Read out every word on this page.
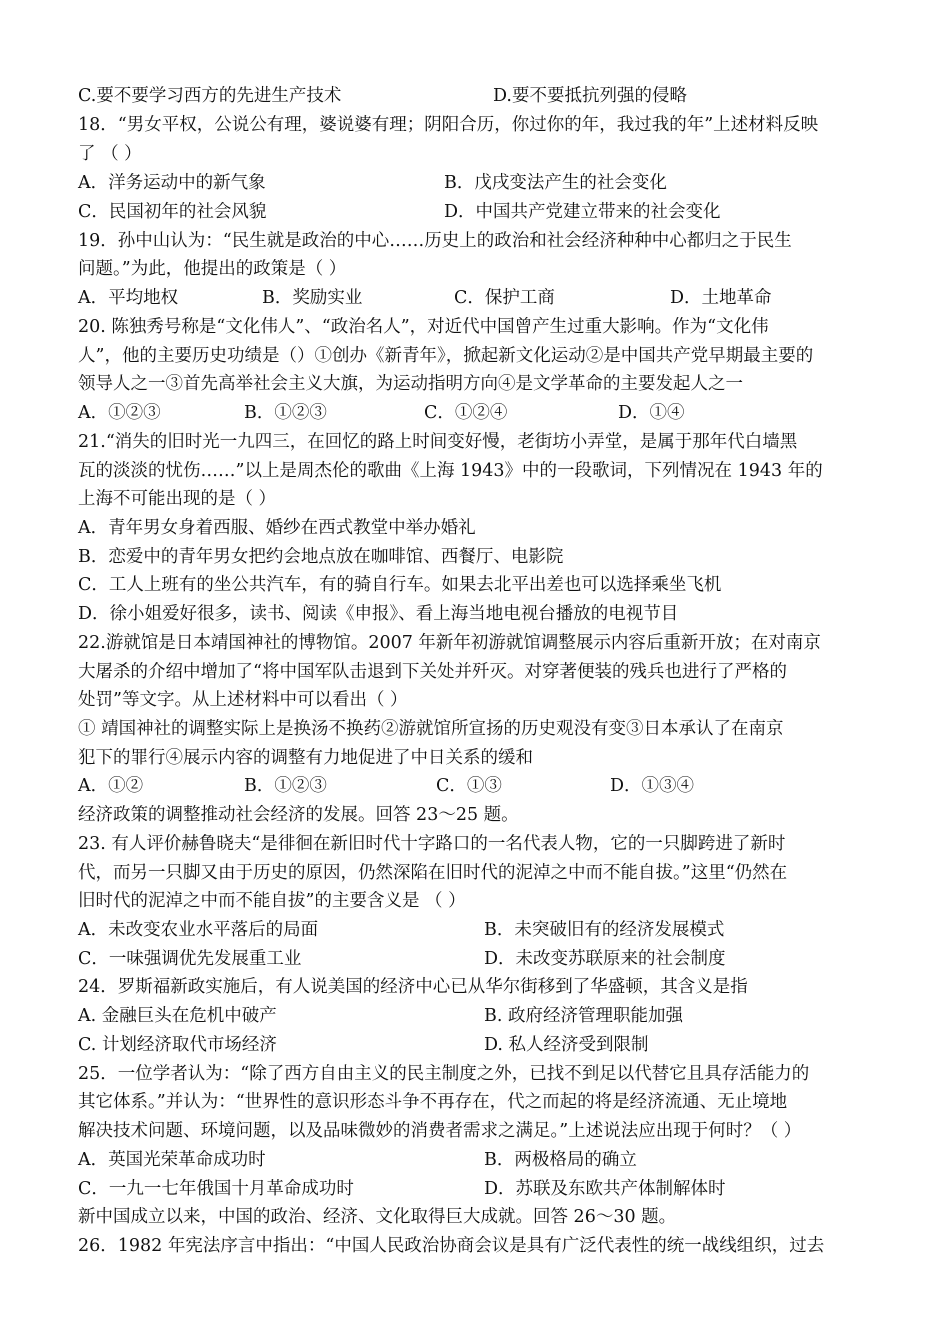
C.要不要学习西方的先进生产技术	D.要不要抵抗列强的侵略
18．“男女平权，公说公有理，婆说婆有理；阴阳合历，你过你的年，我过我的年”上述材料反映
了 （ ）
A．洋务运动中的新气象	B．戊戌变法产生的社会变化
C．民国初年的社会风貌	D．中国共产党建立带来的社会变化
19．孙中山认为：“民生就是政治的中心……历史上的政治和社会经济种种中心都归之于民生
问题。”为此，他提出的政策是（ ）
A．平均地权	B．奖励实业	C．保护工商	D．土地革命
20. 陈独秀号称是“文化伟人”、“政治名人”，对近代中国曾产生过重大影响。作为“文化伟
人”，他的主要历史功绩是（）①创办《新青年》，掀起新文化运动②是中国共产党早期最主要的
领导人之一③首先高举社会主义大旗，为运动指明方向④是文学革命的主要发起人之一
A．①②③	B．①②③	C．①②④	D．①④
21.“消失的旧时光一九四三，在回忆的路上时间变好慢，老街坊小弄堂，是属于那年代白墙黑
瓦的淡淡的忧伤……”以上是周杰伦的歌曲《上海 1943》中的一段歌词，下列情况在 1943 年的
上海不可能出现的是（ ）
A．青年男女身着西服、婚纱在西式教堂中举办婚礼
B．恋爱中的青年男女把约会地点放在咖啡馆、西餐厅、电影院
C．工人上班有的坐公共汽车，有的骑自行车。如果去北平出差也可以选择乘坐飞机
D．徐小姐爱好很多，读书、阅读《申报》、看上海当地电视台播放的电视节目
22.游就馆是日本靖国神社的博物馆。2007 年新年初游就馆调整展示内容后重新开放；在对南京
大屠杀的介绍中增加了“将中国军队击退到下关处并歼灭。对穿著便装的残兵也进行了严格的
处罚”等文字。从上述材料中可以看出（ ）
① 靖国神社的调整实际上是换汤不换药②游就馆所宣扬的历史观没有变③日本承认了在南京
犯下的罪行④展示内容的调整有力地促进了中日关系的缓和
A．①②	B．①②③	C．①③	D．①③④
经济政策的调整推动社会经济的发展。回答 23～25 题。
23. 有人评价赫鲁晓夫“是徘徊在新旧时代十字路口的一名代表人物，它的一只脚跨进了新时
代，而另一只脚又由于历史的原因，仍然深陷在旧时代的泥淖之中而不能自拔。”这里“仍然在
旧时代的泥淖之中而不能自拔”的主要含义是 （ ）
A．未改变农业水平落后的局面	B．未突破旧有的经济发展模式
C．一味强调优先发展重工业	D．未改变苏联原来的社会制度
24．罗斯福新政实施后，有人说美国的经济中心已从华尔街移到了华盛顿，其含义是指
A. 金融巨头在危机中破产	B. 政府经济管理职能加强
C. 计划经济取代市场经济	D. 私人经济受到限制
25．一位学者认为：“除了西方自由主义的民主制度之外，已找不到足以代替它且具存活能力的
其它体系。”并认为：“世界性的意识形态斗争不再存在，代之而起的将是经济流通、无止境地
解决技术问题、环境问题，以及品味微妙的消费者需求之满足。”上述说法应出现于何时？（ ）
A．英国光荣革命成功时	B．两极格局的确立
C．一九一七年俄国十月革命成功时	D．苏联及东欧共产体制解体时
新中国成立以来，中国的政治、经济、文化取得巨大成就。回答 26～30 题。
26．1982 年宪法序言中指出：“中国人民政治协商会议是具有广泛代表性的统一战线组织，过去
